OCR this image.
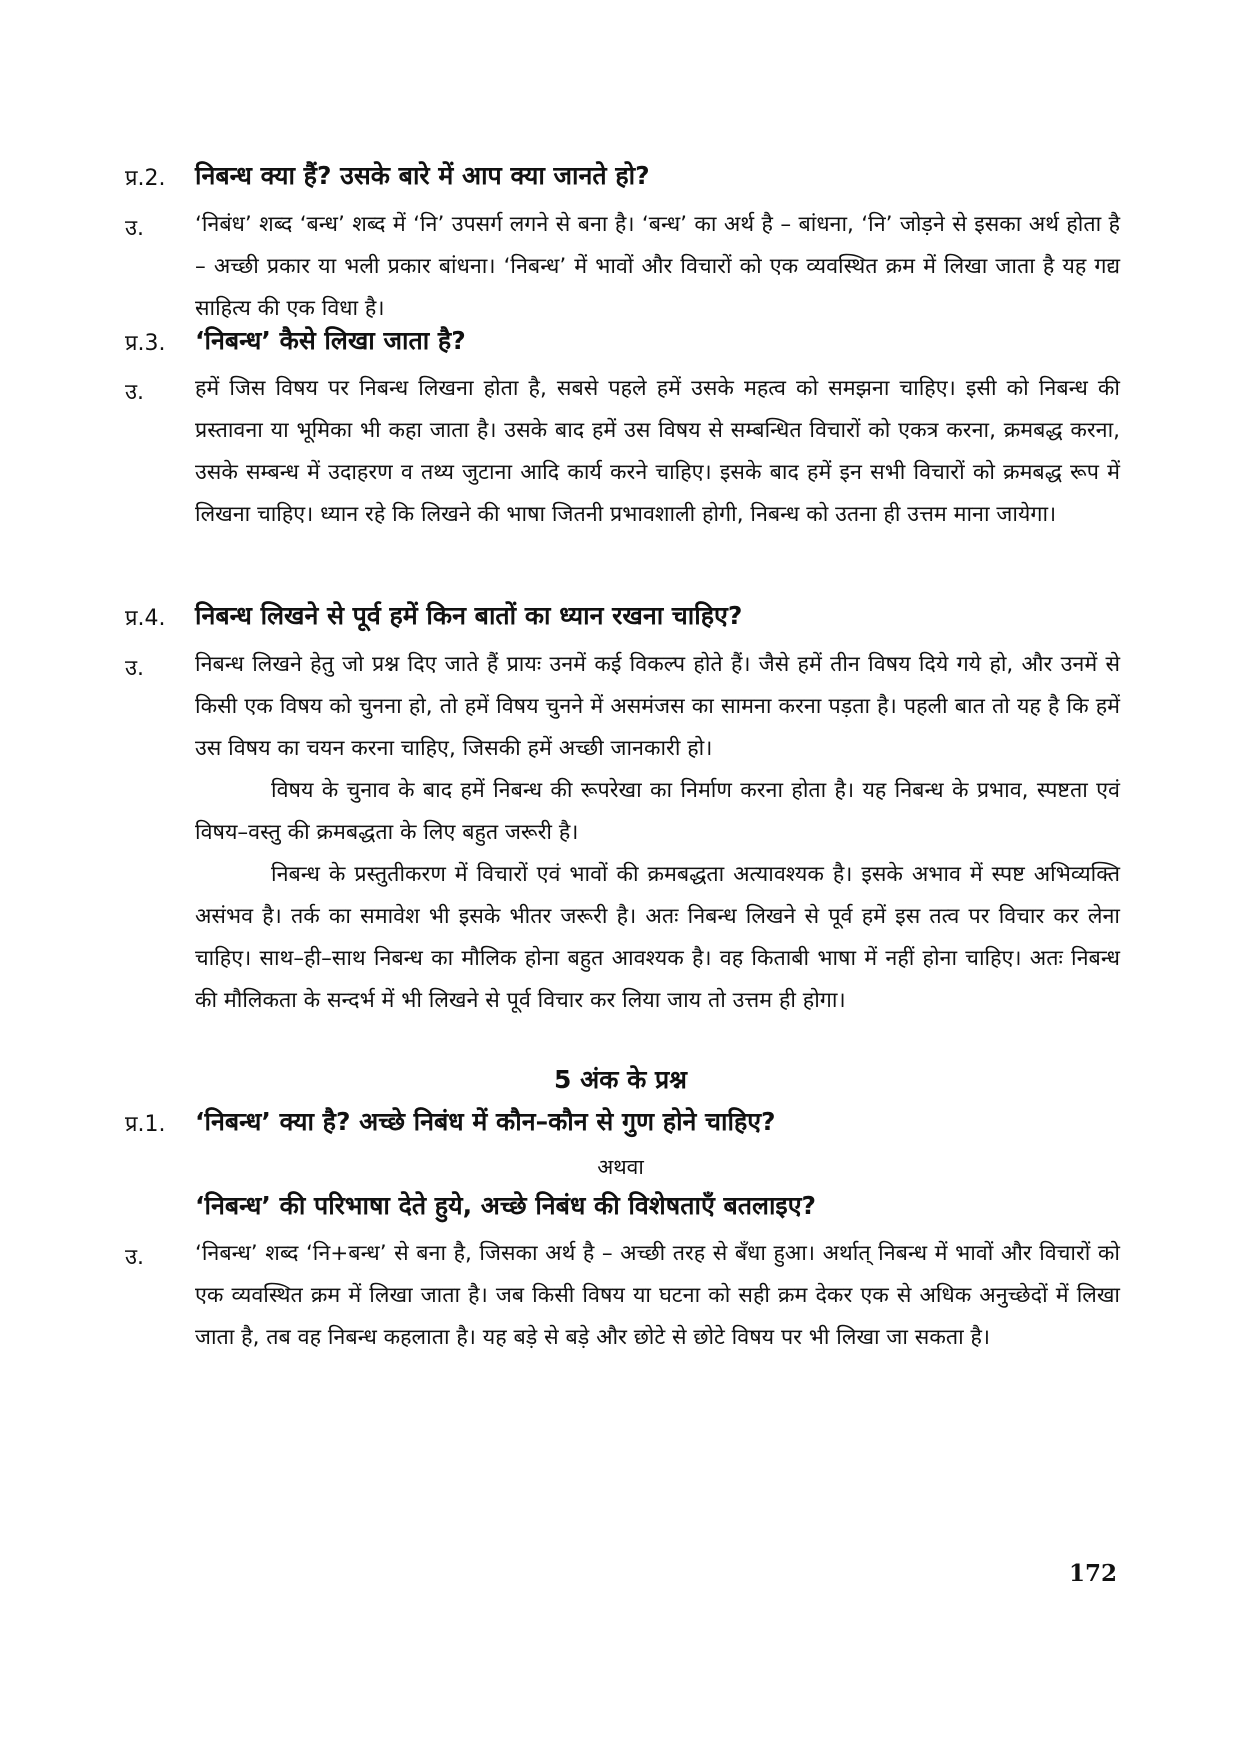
प्र.2. निबन्ध क्या हैं? उसके बारे में आप क्या जानते हो?
उ. ‘निबंध’ शब्द ‘बन्ध’ शब्द में ‘नि’ उपसर्ग लगने से बना है। ‘बन्ध’ का अर्थ है – बांधना, ‘नि’ जोड़ने से इसका अर्थ होता है – अच्छी प्रकार या भली प्रकार बांधना। ‘निबन्ध’ में भावों और विचारों को एक व्यवस्थित क्रम में लिखा जाता है यह गद्य साहित्य की एक विधा है।
प्र.3. ‘निबन्ध’ कैसे लिखा जाता है?
उ. हमें जिस विषय पर निबन्ध लिखना होता है, सबसे पहले हमें उसके महत्व को समझना चाहिए। इसी को निबन्ध की प्रस्तावना या भूमिका भी कहा जाता है। उसके बाद हमें उस विषय से सम्बन्धित विचारों को एकत्र करना, क्रमबद्ध करना, उसके सम्बन्ध में उदाहरण व तथ्य जुटाना आदि कार्य करने चाहिए। इसके बाद हमें इन सभी विचारों को क्रमबद्ध रूप में लिखना चाहिए। ध्यान रहे कि लिखने की भाषा जितनी प्रभावशाली होगी, निबन्ध को उतना ही उत्तम माना जायेगा।
प्र.4. निबन्ध लिखने से पूर्व हमें किन बातों का ध्यान रखना चाहिए?
उ. निबन्ध लिखने हेतु जो प्रश्न दिए जाते हैं प्रायः उनमें कई विकल्प होते हैं। जैसे हमें तीन विषय दिये गये हो, और उनमें से किसी एक विषय को चुनना हो, तो हमें विषय चुनने में असमंजस का सामना करना पड़ता है। पहली बात तो यह है कि हमें उस विषय का चयन करना चाहिए, जिसकी हमें अच्छी जानकारी हो।

विषय के चुनाव के बाद हमें निबन्ध की रूपरेखा का निर्माण करना होता है। यह निबन्ध के प्रभाव, स्पष्टता एवं विषय–वस्तु की क्रमबद्धता के लिए बहुत जरूरी है।

निबन्ध के प्रस्तुतीकरण में विचारों एवं भावों की क्रमबद्धता अत्यावश्यक है। इसके अभाव में स्पष्ट अभिव्यक्ति असंभव है। तर्क का समावेश भी इसके भीतर जरूरी है। अतः निबन्ध लिखने से पूर्व हमें इस तत्व पर विचार कर लेना चाहिए। साथ–ही–साथ निबन्ध का मौलिक होना बहुत आवश्यक है। वह किताबी भाषा में नहीं होना चाहिए। अतः निबन्ध की मौलिकता के सन्दर्भ में भी लिखने से पूर्व विचार कर लिया जाय तो उत्तम ही होगा।

5 अंक के प्रश्न
प्र.1. ‘निबन्ध’ क्या है? अच्छे निबंध में कौन–कौन से गुण होने चाहिए?
अथवा
‘निबन्ध’ की परिभाषा देते हुये, अच्छे निबंध की विशेषताएँ बतलाइए?
उ. ‘निबन्ध’ शब्द ‘नि+बन्ध’ से बना है, जिसका अर्थ है – अच्छी तरह से बँधा हुआ। अर्थात् निबन्ध में भावों और विचारों को एक व्यवस्थित क्रम में लिखा जाता है। जब किसी विषय या घटना को सही क्रम देकर एक से अधिक अनुच्छेदों में लिखा जाता है, तब वह निबन्ध कहलाता है। यह बड़े से बड़े और छोटे से छोटे विषय पर भी लिखा जा सकता है।
172
